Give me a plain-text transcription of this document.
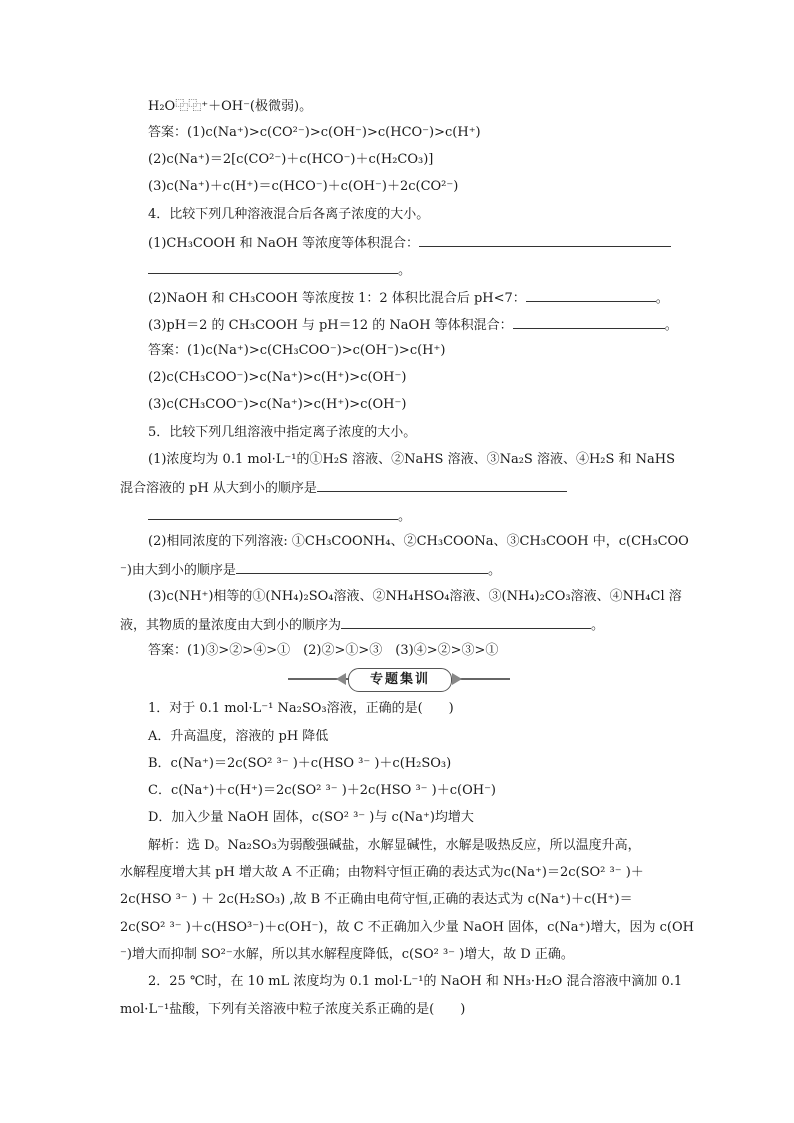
H₂O⿻⿻⁺＋OH⁻(极微弱)。
答案：(1)c(Na⁺)>c(CO²⁻)>c(OH⁻)>c(HCO⁻)>c(H⁺)
(2)c(Na⁺)＝2[c(CO²⁻)＋c(HCO⁻)＋c(H₂CO₃)]
(3)c(Na⁺)＋c(H⁺)＝c(HCO⁻)＋c(OH⁻)＋2c(CO²⁻)
4．比较下列几种溶液混合后各离子浓度的大小。
(1)CH₃COOH 和 NaOH 等浓度等体积混合：
。
(2)NaOH 和 CH₃COOH 等浓度按 1：2 体积比混合后 pH<7：	。
(3)pH＝2 的 CH₃COOH 与 pH＝12 的 NaOH 等体积混合：	。
答案：(1)c(Na⁺)>c(CH₃COO⁻)>c(OH⁻)>c(H⁺)
(2)c(CH₃COO⁻)>c(Na⁺)>c(H⁺)>c(OH⁻)
(3)c(CH₃COO⁻)>c(Na⁺)>c(H⁺)>c(OH⁻)
5．比较下列几组溶液中指定离子浓度的大小。
(1)浓度均为 0.1 mol·L⁻¹的①H₂S 溶液、②NaHS 溶液、③Na₂S 溶液、④H₂S 和 NaHS
混合溶液的 pH 从大到小的顺序是
。
(2)相同浓度的下列溶液: ①CH₃COONH₄、②CH₃COONa、③CH₃COOH 中，c(CH₃COO
⁻)由大到小的顺序是	。
(3)c(NH⁺)相等的①(NH₄)₂SO₄溶液、②NH₄HSO₄溶液、③(NH₄)₂CO₃溶液、④NH₄Cl 溶
液，其物质的量浓度由大到小的顺序为	。
答案：(1)③>②>④>①　(2)②>①>③　(3)④>②>③>①
专题集训
1．对于 0.1 mol·L⁻¹ Na₂SO₃溶液，正确的是(　　)
A．升高温度，溶液的 pH 降低
B．c(Na⁺)＝2c(SO² ³⁻ )＋c(HSO ³⁻ )＋c(H₂SO₃)
C．c(Na⁺)＋c(H⁺)＝2c(SO² ³⁻ )＋2c(HSO ³⁻ )＋c(OH⁻)
D．加入少量 NaOH 固体，c(SO² ³⁻ )与 c(Na⁺)均增大
解析：选 D。Na₂SO₃为弱酸强碱盐，水解显碱性，水解是吸热反应，所以温度升高，
水解程度增大其 pH 增大故 A 不正确；由物料守恒正确的表达式为c(Na⁺)＝2c(SO² ³⁻ )＋
2c(HSO ³⁻ ) ＋ 2c(H₂SO₃) ,故 B 不正确由电荷守恒,正确的表达式为 c(Na⁺)＋c(H⁺)＝
2c(SO² ³⁻ )＋c(HSO³⁻)＋c(OH⁻)，故 C 不正确加入少量 NaOH 固体，c(Na⁺)增大，因为 c(OH
⁻)增大而抑制 SO²⁻水解，所以其水解程度降低，c(SO² ³⁻ )增大，故 D 正确。
2．25 ℃时，在 10 mL 浓度均为 0.1 mol·L⁻¹的 NaOH 和 NH₃·H₂O 混合溶液中滴加 0.1
mol·L⁻¹盐酸，下列有关溶液中粒子浓度关系正确的是(　　)
